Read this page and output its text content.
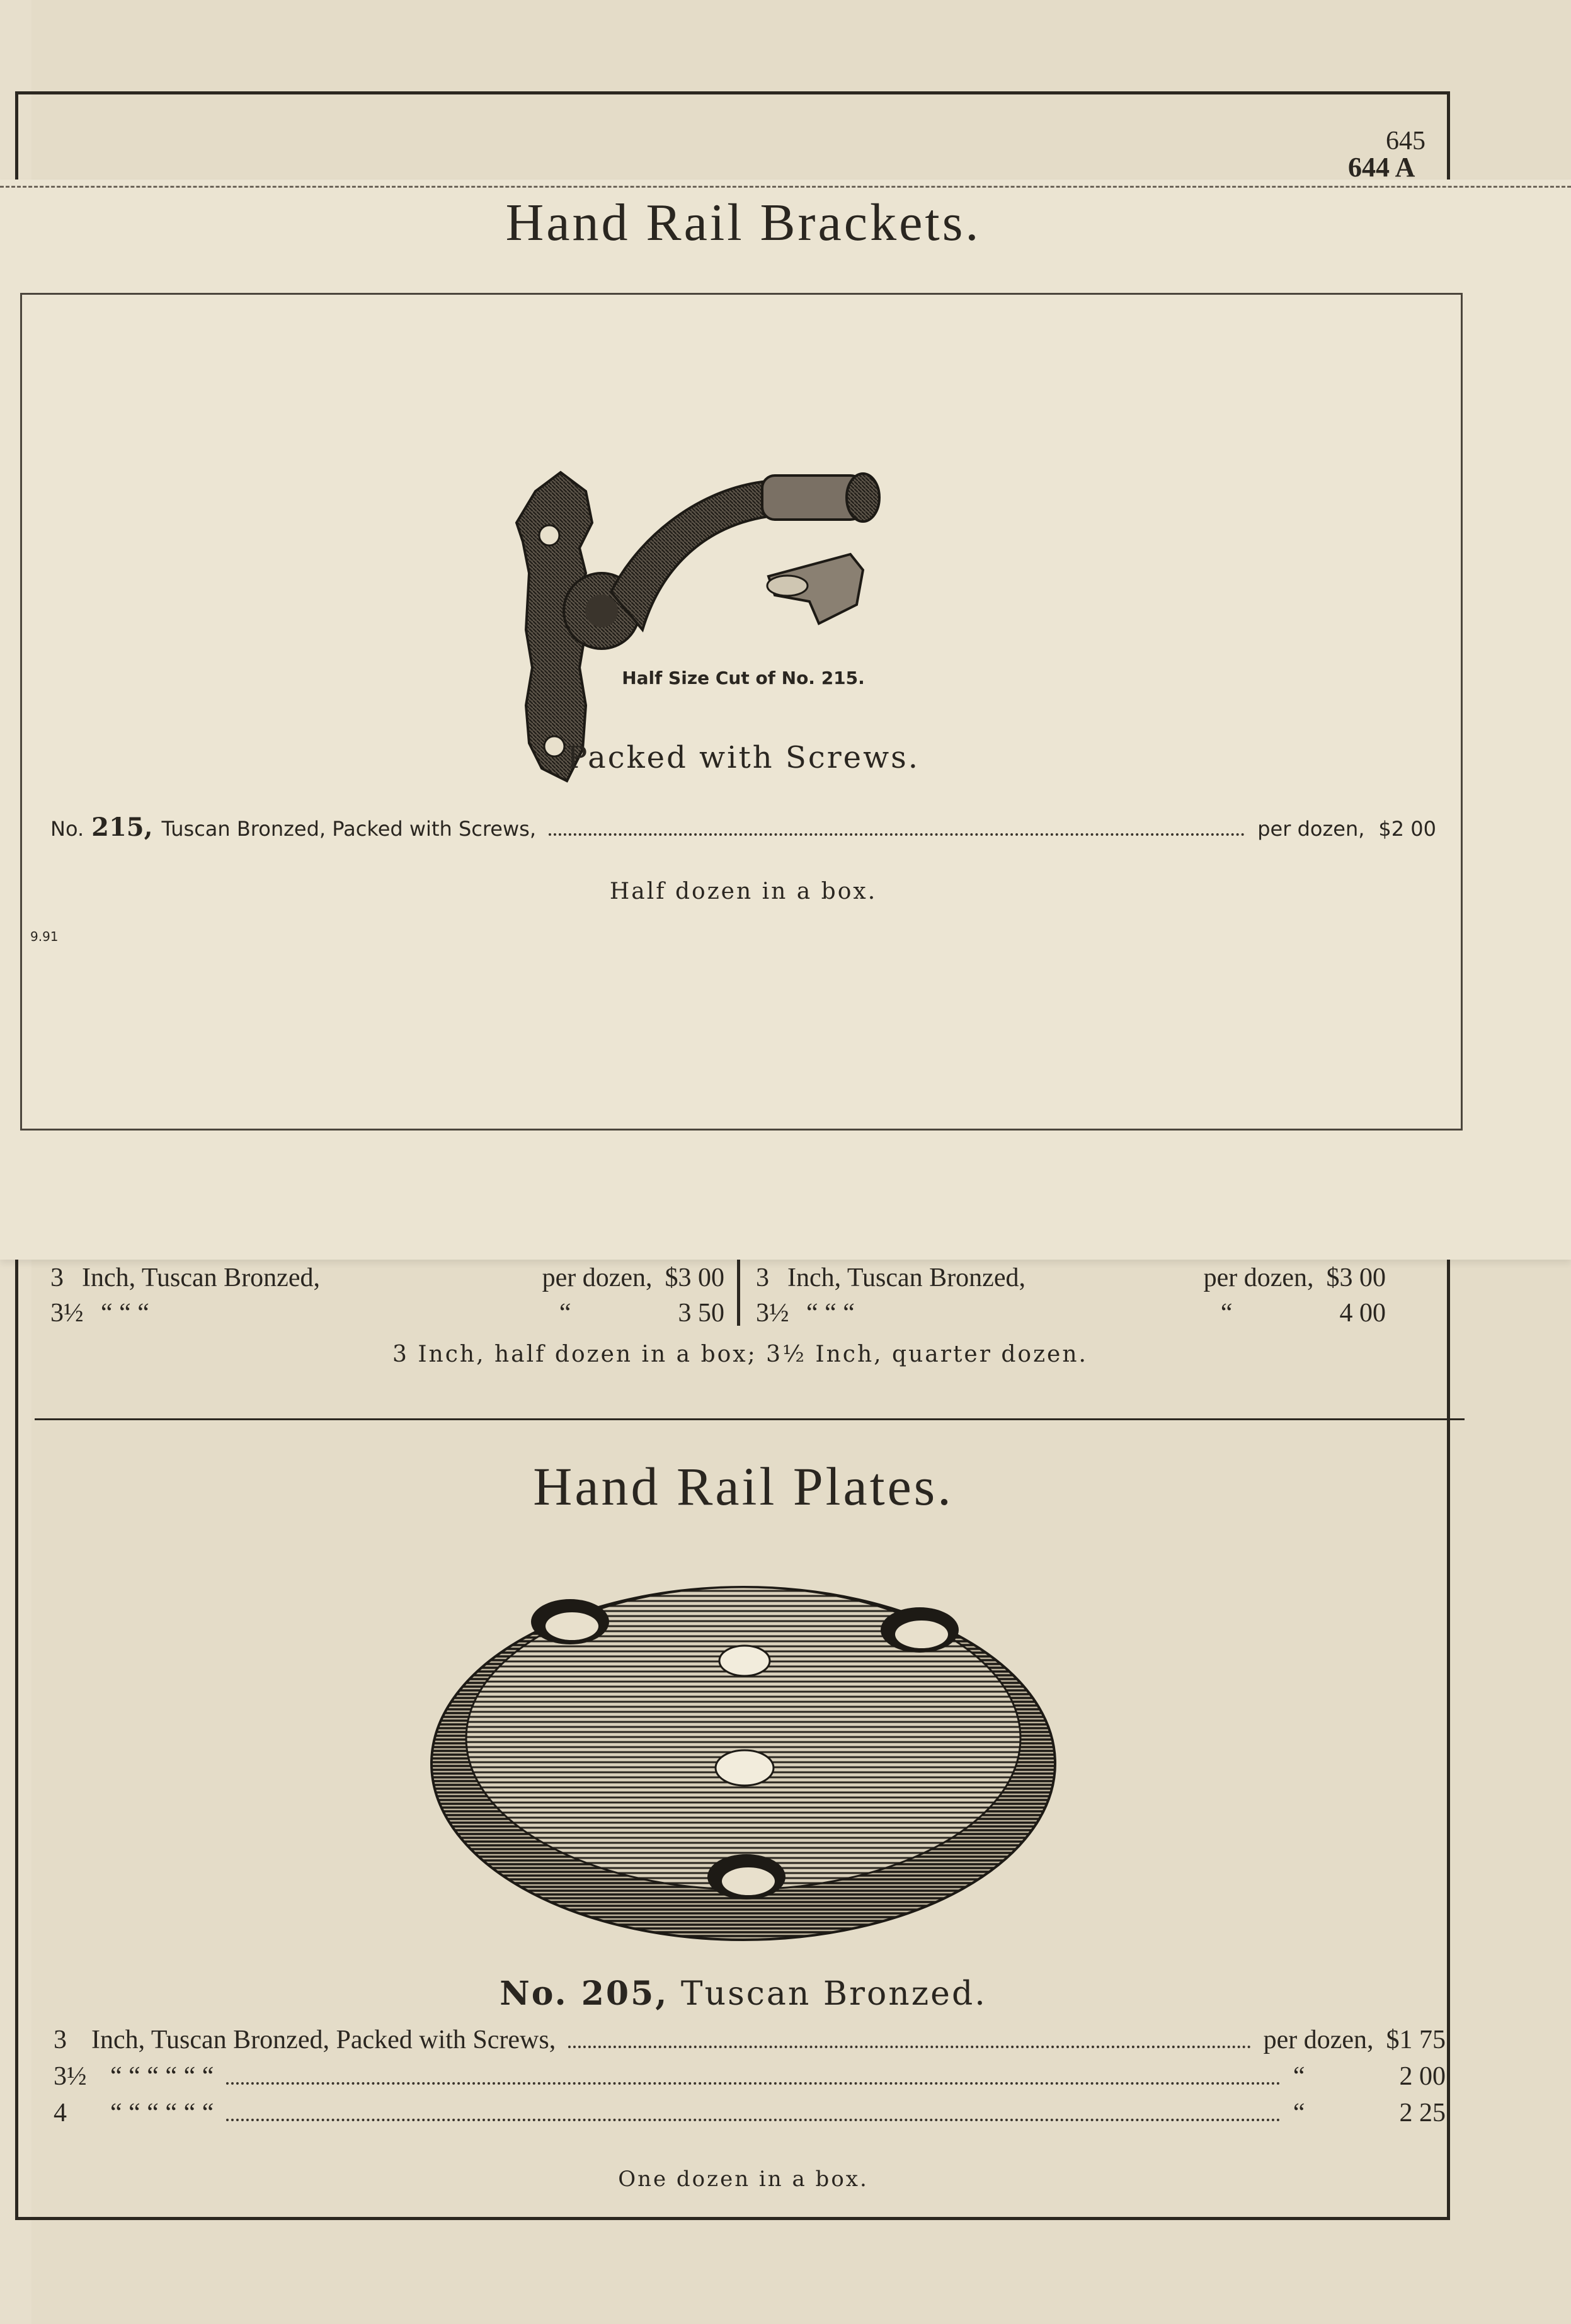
645
3 Inch, Tuscan Bronzed,	per dozen, $3 00
3½ “ “ “	“	3 50
3 Inch, Tuscan Bronzed,	per dozen, $3 00
3½ “ “ “	“	4 00
3 Inch, half dozen in a box; 3½ Inch, quarter dozen.
Hand Rail Plates.
No. 205, Tuscan Bronzed.
3 Inch, Tuscan Bronzed, Packed with Screws,	per dozen, $1 75
3½ “ “ “ “ “ “	“	2 00
4	“ “ “ “ “ “	“	2 25
One dozen in a box.
644 A
Hand Rail Brackets.
Half Size Cut of No. 215.
Packed with Screws.
No. 215, Tuscan Bronzed, Packed with Screws,	per dozen, $2 00
Half dozen in a box.
9.91
